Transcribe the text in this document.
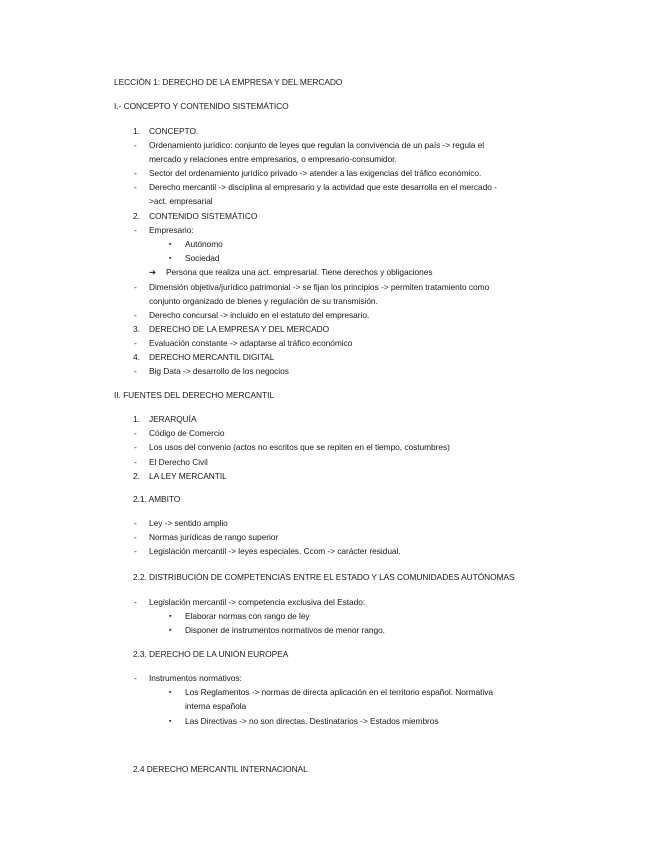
LECCIÓN 1: DERECHO DE LA EMPRESA Y DEL MERCADO
I.- CONCEPTO Y CONTENIDO SISTEMÁTICO
1. CONCEPTO.
- Ordenamiento jurídico: conjunto de leyes que regulan la convivencia de un país -> regula el
mercado y relaciones entre empresarios, o empresario-consumidor.
- Sector del ordenamiento jurídico privado -> atender a las exigencias del tráfico económico.
- Derecho mercantil -> disciplina al empresario y la actividad que este desarrolla en el mercado -
>act. empresarial
2. CONTENIDO SISTEMÁTICO
- Empresario:
▪ Autónomo
▪ Sociedad
➔ Persona que realiza una act. empresarial. Tiene derechos y obligaciones
- Dimensión objetiva/jurídico patrimonial -> se fijan los principios -> permiten tratamiento como
conjunto organizado de bienes y regulación de su transmisión.
- Derecho concursal -> incluido en el estatuto del empresario.
3. DERECHO DE LA EMPRESA Y DEL MERCADO
- Evaluación constante -> adaptarse al tráfico económico
4. DERECHO MERCANTIL DIGITAL
- Big Data -> desarrollo de los negocios
II. FUENTES DEL DERECHO MERCANTIL
1. JERARQUÍA
- Código de Comercio
- Los usos del convenio (actos no escritos que se repiten en el tiempo, costumbres)
- El Derecho Civil
2. LA LEY MERCANTIL
2.1. AMBITO
- Ley -> sentido amplio
- Normas jurídicas de rango superior
- Legislación mercantil -> leyes especiales. Ccom -> carácter residual.
2.2. DISTRIBUCIÓN DE COMPETENCIAS ENTRE EL ESTADO Y LAS COMUNIDADES AUTÓNOMAS
- Legislación mercantil -> competencia exclusiva del Estado:
▪ Elaborar normas con rango de ley
▪ Disponer de instrumentos normativos de menor rango.
2.3. DERECHO DE LA UNIÓN EUROPEA
- Instrumentos normativos:
▪ Los Reglamentos -> normas de directa aplicación en el territorio español. Normativa
interna española
▪ Las Directivas -> no son directas. Destinatarios -> Estados miembros
2.4 DERECHO MERCANTIL INTERNACIONAL
